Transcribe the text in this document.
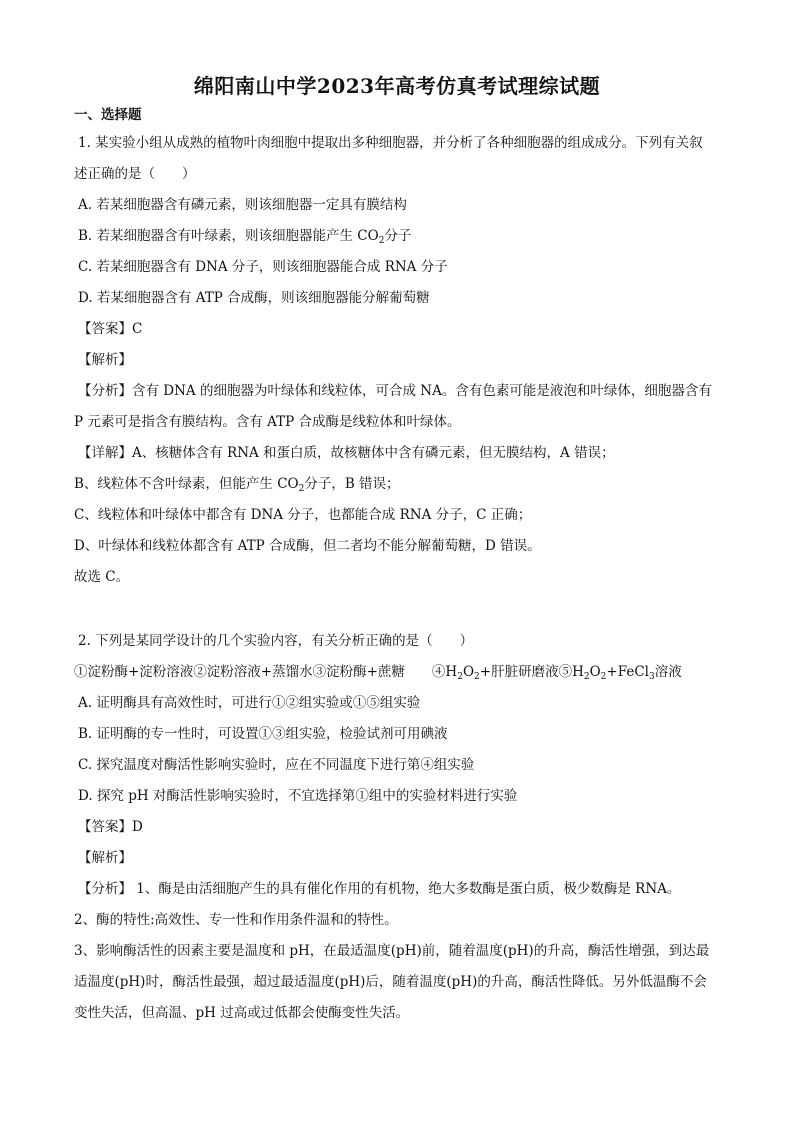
绵阳南山中学2023年高考仿真考试理综试题
一、选择题
1. 某实验小组从成熟的植物叶肉细胞中提取出多种细胞器，并分析了各种细胞器的组成成分。下列有关叙
述正确的是（　　）
A. 若某细胞器含有磷元素，则该细胞器一定具有膜结构
B. 若某细胞器含有叶绿素，则该细胞器能产生 $CO_2$分子
C. 若某细胞器含有 DNA 分子，则该细胞器能合成 RNA 分子
D. 若某细胞器含有 ATP 合成酶，则该细胞器能分解葡萄糖
【答案】C
【解析】
【分析】含有 DNA 的细胞器为叶绿体和线粒体，可合成 NA。含有色素可能是液泡和叶绿体，细胞器含有
P 元素可是指含有膜结构。含有 ATP 合成酶是线粒体和叶绿体。
【详解】A、核糖体含有 RNA 和蛋白质，故核糖体中含有磷元素，但无膜结构，A 错误；
B、线粒体不含叶绿素，但能产生 $CO_2$分子，B 错误；
C、线粒体和叶绿体中都含有 DNA 分子，也都能合成 RNA 分子，C 正确；
D、叶绿体和线粒体都含有 ATP 合成酶，但二者均不能分解葡萄糖，D 错误。
故选 C。
2. 下列是某同学设计的几个实验内容，有关分析正确的是（　　）
①淀粉酶+淀粉溶液②淀粉溶液+蒸馏水③淀粉酶+蔗糖　　$④H_2O_2+$肝脏研磨液$⑤H_2O_2+FeCl_3$溶液
A. 证明酶具有高效性时，可进行①②组实验或①⑤组实验
B. 证明酶的专一性时，可设置①③组实验，检验试剂可用碘液
C. 探究温度对酶活性影响实验时，应在不同温度下进行第④组实验
D. 探究 pH 对酶活性影响实验时，不宜选择第①组中的实验材料进行实验
【答案】D
【解析】
【分析】 1、酶是由活细胞产生的具有催化作用的有机物，绝大多数酶是蛋白质，极少数酶是 RNA。
2、酶的特性:高效性、专一性和作用条件温和的特性。
3、影响酶活性的因素主要是温度和 pH，在最适温度(pH)前，随着温度(pH)的升高，酶活性增强，到达最
适温度(pH)时，酶活性最强，超过最适温度(pH)后，随着温度(pH)的升高，酶活性降低。另外低温酶不会
变性失活，但高温、pH 过高或过低都会使酶变性失活。
